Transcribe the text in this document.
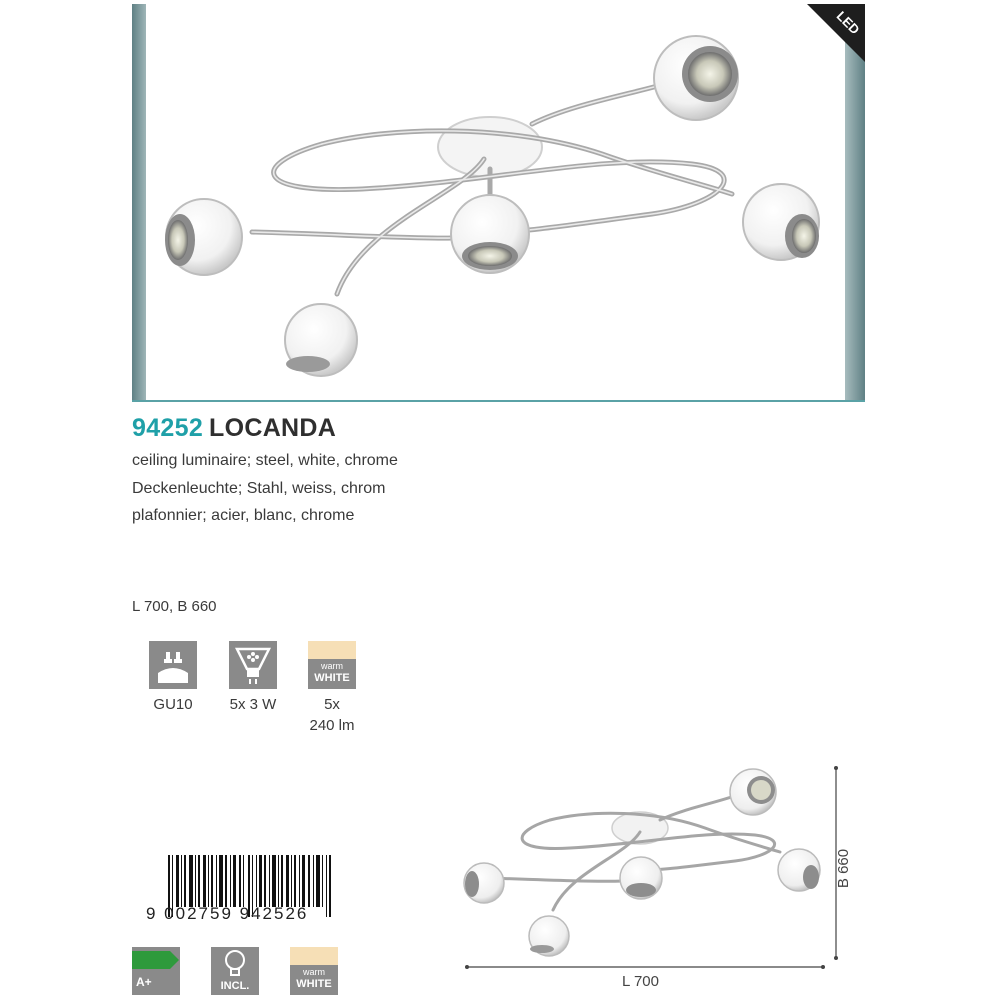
LED
94252 LOCANDA
ceiling luminaire; steel, white, chrome
Deckenleuchte; Stahl, weiss, chrom
plafonnier; acier, blanc, chrome
L 700, B 660
GU10	5x 3 W
warm
WHITE
5x
240 lm
9 002759 942526
A+	INCL.
warm
WHITE	L 700
B 660
